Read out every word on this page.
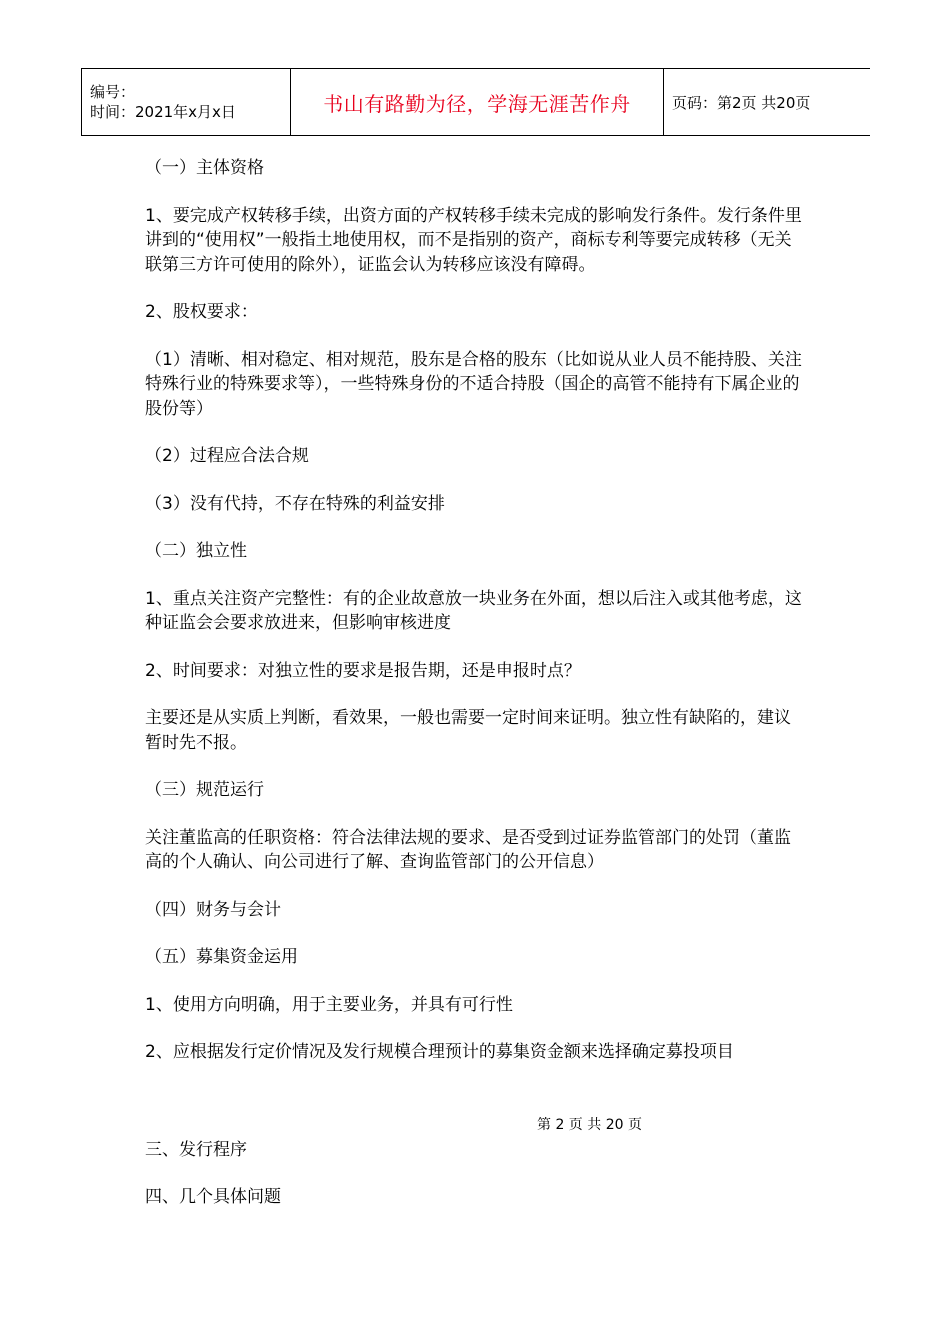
编号：
时间：2021年x月x日	书山有路勤为径，学海无涯苦作舟	页码：第2页 共20页

（一）主体资格

1、要完成产权转移手续，出资方面的产权转移手续未完成的影响发行条件。发行条件里讲到的“使用权”一般指土地使用权，而不是指别的资产，商标专利等要完成转移（无关联第三方许可使用的除外），证监会认为转移应该没有障碍。

2、股权要求：

（1）清晰、相对稳定、相对规范，股东是合格的股东（比如说从业人员不能持股、关注特殊行业的特殊要求等），一些特殊身份的不适合持股（国企的高管不能持有下属企业的股份等）

（2）过程应合法合规

（3）没有代持，不存在特殊的利益安排

（二）独立性

1、重点关注资产完整性：有的企业故意放一块业务在外面，想以后注入或其他考虑，这种证监会会要求放进来，但影响审核进度

2、时间要求：对独立性的要求是报告期，还是申报时点？

主要还是从实质上判断，看效果，一般也需要一定时间来证明。独立性有缺陷的，建议暂时先不报。

（三）规范运行

关注董监高的任职资格：符合法律法规的要求、是否受到过证券监管部门的处罚（董监高的个人确认、向公司进行了解、查询监管部门的公开信息）

（四）财务与会计

（五）募集资金运用

1、使用方向明确，用于主要业务，并具有可行性

2、应根据发行定价情况及发行规模合理预计的募集资金额来选择确定募投项目

第 2 页 共 20 页

三、发行程序

四、几个具体问题
